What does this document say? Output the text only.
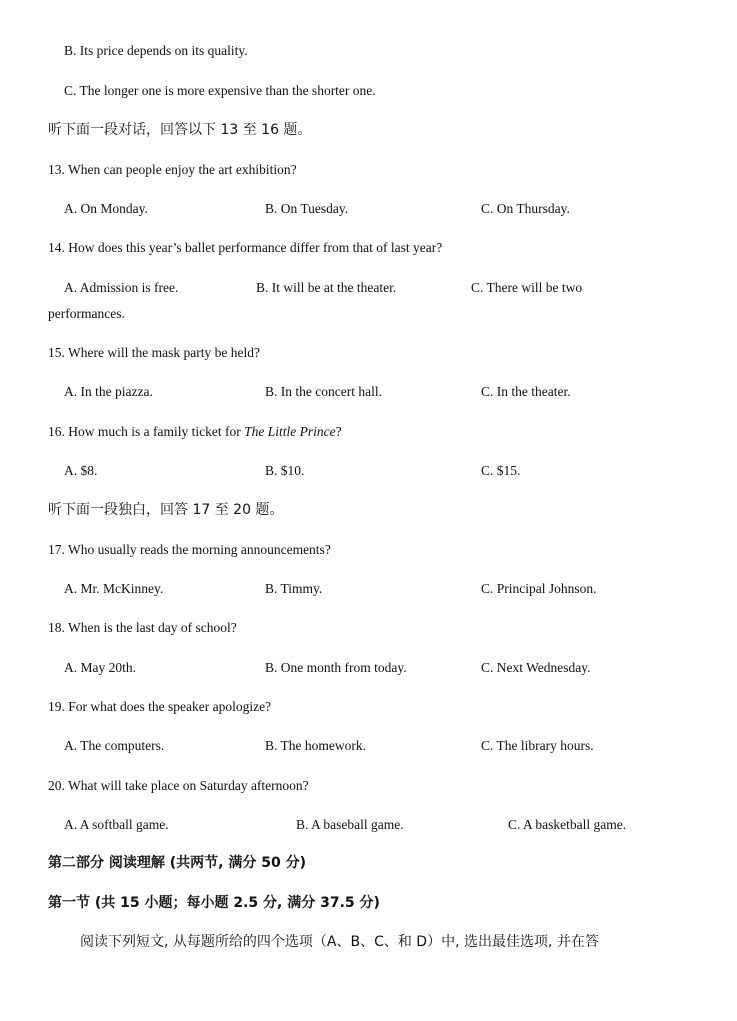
B. Its price depends on its quality.
C. The longer one is more expensive than the shorter one.
听下面一段对话，回答以下 13 至 16 题。
13. When can people enjoy the art exhibition?
A. On Monday.	B. On Tuesday.	C. On Thursday.
14. How does this year’s ballet performance differ from that of last year?
A. Admission is free.	B. It will be at the theater.	C. There will be two
performances.
15. Where will the mask party be held?
A. In the piazza.	B. In the concert hall.	C. In the theater.
16. How much is a family ticket for The Little Prince?
A. $8.	B. $10.	C. $15.
听下面一段独白，回答 17 至 20 题。
17. Who usually reads the morning announcements?
A. Mr. McKinney.	B. Timmy.	C. Principal Johnson.
18. When is the last day of school?
A. May 20th.	B. One month from today.	C. Next Wednesday.
19. For what does the speaker apologize?
A. The computers.	B. The homework.	C. The library hours.
20. What will take place on Saturday afternoon?
A. A softball game.	B. A baseball game.	C. A basketball game.
第二部分 阅读理解 (共两节, 满分 50 分)
第一节 (共 15 小题；每小题 2.5 分, 满分 37.5 分)
阅读下列短文, 从每题所给的四个选项（A、B、C、和 D）中, 选出最佳选项, 并在答
